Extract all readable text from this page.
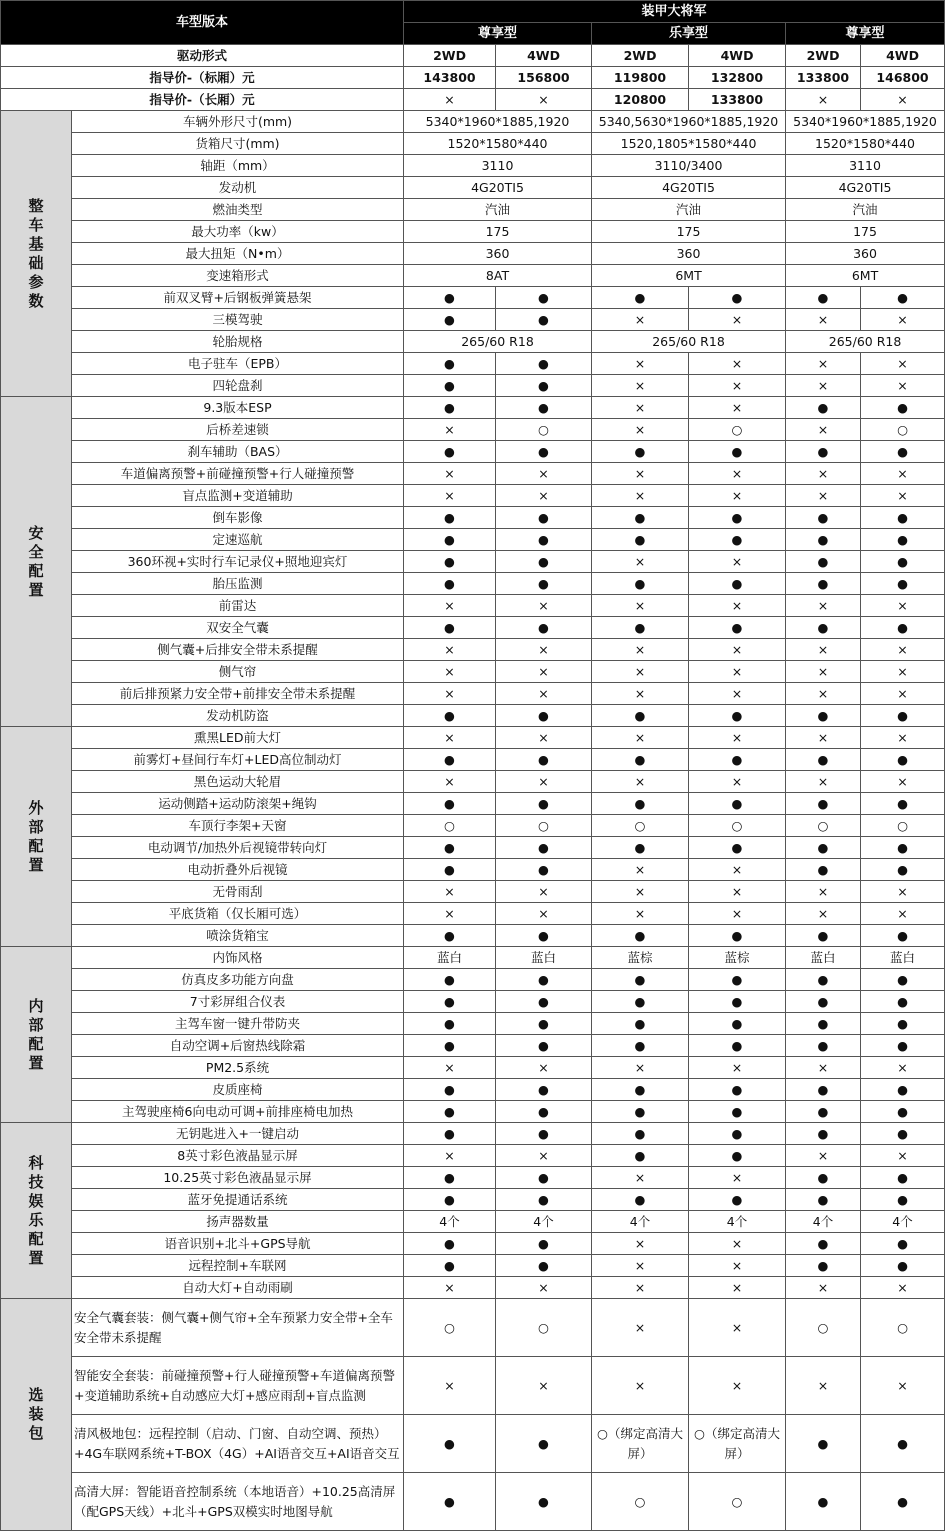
车型版本		装甲大将军					
		尊享型		乐享型		尊享型	
驱动形式		2WD	4WD	2WD	4WD	2WD	4WD
指导价-（标厢）元		143800	156800	119800	132800	133800	146800
指导价-（长厢）元		×	×	120800	133800	×	×
整车基础参数	车辆外形尺寸(mm)	5340*1960*1885,1920		5340,5630*1960*1885,1920		5340*1960*1885,1920	
	货箱尺寸(mm)	1520*1580*440		1520,1805*1580*440		1520*1580*440	
	轴距（mm）	3110		3110/3400		3110	
	发动机	4G20TI5		4G20TI5		4G20TI5	
	燃油类型	汽油		汽油		汽油	
	最大功率（kw）	175		175		175	
	最大扭矩（N•m）	360		360		360	
	变速箱形式	8AT		6MT		6MT	
	前双叉臂+后钢板弹簧悬架	●	●	●	●	●	●
	三模驾驶	●	●	×	×	×	×
	轮胎规格	265/60 R18		265/60 R18		265/60 R18	
	电子驻车（EPB）	●	●	×	×	×	×
	四轮盘刹	●	●	×	×	×	×
安全配置	9.3版本ESP	●	●	×	×	●	●
	后桥差速锁	×	○	×	○	×	○
	刹车辅助（BAS）	●	●	●	●	●	●
	车道偏离预警+前碰撞预警+行人碰撞预警	×	×	×	×	×	×
	盲点监测+变道辅助	×	×	×	×	×	×
	倒车影像	●	●	●	●	●	●
	定速巡航	●	●	●	●	●	●
	360环视+实时行车记录仪+照地迎宾灯	●	●	×	×	●	●
	胎压监测	●	●	●	●	●	●
	前雷达	×	×	×	×	×	×
	双安全气囊	●	●	●	●	●	●
	侧气囊+后排安全带未系提醒	×	×	×	×	×	×
	侧气帘	×	×	×	×	×	×
	前后排预紧力安全带+前排安全带未系提醒	×	×	×	×	×	×
	发动机防盗	●	●	●	●	●	●
外部配置	熏黑LED前大灯	×	×	×	×	×	×
	前雾灯+昼间行车灯+LED高位制动灯	●	●	●	●	●	●
	黑色运动大轮眉	×	×	×	×	×	×
	运动侧踏+运动防滚架+绳钩	●	●	●	●	●	●
	车顶行李架+天窗	○	○	○	○	○	○
	电动调节/加热外后视镜带转向灯	●	●	●	●	●	●
	电动折叠外后视镜	●	●	×	×	●	●
	无骨雨刮	×	×	×	×	×	×
	平底货箱（仅长厢可选）	×	×	×	×	×	×
	喷涂货箱宝	●	●	●	●	●	●
内部配置	内饰风格	蓝白	蓝白	蓝棕	蓝棕	蓝白	蓝白
	仿真皮多功能方向盘	●	●	●	●	●	●
	7寸彩屏组合仪表	●	●	●	●	●	●
	主驾车窗一键升带防夹	●	●	●	●	●	●
	自动空调+后窗热线除霜	●	●	●	●	●	●
	PM2.5系统	×	×	×	×	×	×
	皮质座椅	●	●	●	●	●	●
	主驾驶座椅6向电动可调+前排座椅电加热	●	●	●	●	●	●
科技娱乐配置	无钥匙进入+一键启动	●	●	●	●	●	●
	8英寸彩色液晶显示屏	×	×	●	●	×	×
	10.25英寸彩色液晶显示屏	●	●	×	×	●	●
	蓝牙免提通话系统	●	●	●	●	●	●
	扬声器数量	4个	4个	4个	4个	4个	4个
	语音识别+北斗+GPS导航	●	●	×	×	●	●
	远程控制+车联网	●	●	×	×	●	●
	自动大灯+自动雨刷	×	×	×	×	×	×
选装包	安全气囊套装：侧气囊+侧气帘+全车预紧力安全带+全车安全带未系提醒	○	○	×	×	○	○
	智能安全套装：前碰撞预警+行人碰撞预警+车道偏离预警+变道辅助系统+自动感应大灯+感应雨刮+盲点监测	×	×	×	×	×	×
	清风极地包：远程控制（启动、门窗、自动空调、预热）+4G车联网系统+T-BOX（4G）+AI语音交互+AI语音交互	●	●	○（绑定高清大屏）	○（绑定高清大屏）	●	●
	高清大屏：智能语音控制系统（本地语音）+10.25高清屏（配GPS天线）+北斗+GPS双模实时地图导航	●	●	○	○	●	●
